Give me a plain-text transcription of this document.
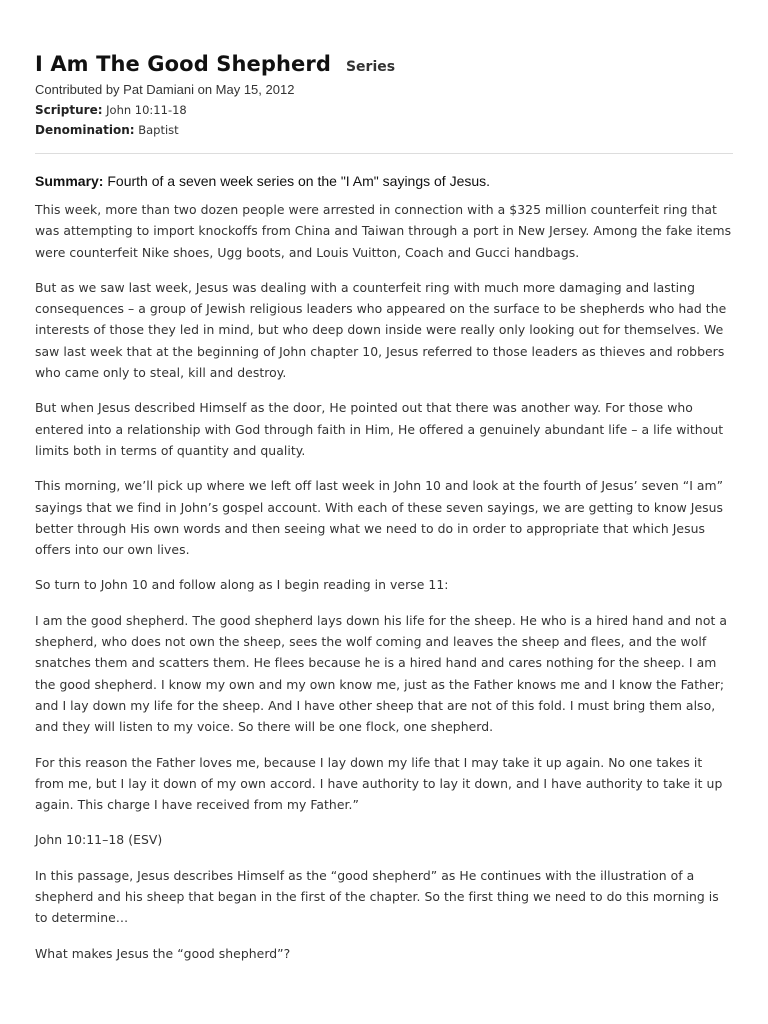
I Am The Good Shepherd Series
Contributed by Pat Damiani on May 15, 2012
Scripture: John 10:11-18
Denomination: Baptist
Summary: Fourth of a seven week series on the "I Am" sayings of Jesus.

This week, more than two dozen people were arrested in connection with a $325 million counterfeit ring that was attempting to import knockoffs from China and Taiwan through a port in New Jersey. Among the fake items were counterfeit Nike shoes, Ugg boots, and Louis Vuitton, Coach and Gucci handbags.

But as we saw last week, Jesus was dealing with a counterfeit ring with much more damaging and lasting consequences – a group of Jewish religious leaders who appeared on the surface to be shepherds who had the interests of those they led in mind, but who deep down inside were really only looking out for themselves. We saw last week that at the beginning of John chapter 10, Jesus referred to those leaders as thieves and robbers who came only to steal, kill and destroy.

But when Jesus described Himself as the door, He pointed out that there was another way. For those who entered into a relationship with God through faith in Him, He offered a genuinely abundant life – a life without limits both in terms of quantity and quality.

This morning, we’ll pick up where we left off last week in John 10 and look at the fourth of Jesus’ seven “I am” sayings that we find in John’s gospel account. With each of these seven sayings, we are getting to know Jesus better through His own words and then seeing what we need to do in order to appropriate that which Jesus offers into our own lives.

So turn to John 10 and follow along as I begin reading in verse 11:

I am the good shepherd. The good shepherd lays down his life for the sheep. He who is a hired hand and not a shepherd, who does not own the sheep, sees the wolf coming and leaves the sheep and flees, and the wolf snatches them and scatters them. He flees because he is a hired hand and cares nothing for the sheep. I am the good shepherd. I know my own and my own know me, just as the Father knows me and I know the Father; and I lay down my life for the sheep. And I have other sheep that are not of this fold. I must bring them also, and they will listen to my voice. So there will be one flock, one shepherd.

For this reason the Father loves me, because I lay down my life that I may take it up again. No one takes it from me, but I lay it down of my own accord. I have authority to lay it down, and I have authority to take it up again. This charge I have received from my Father.”

John 10:11–18 (ESV)

In this passage, Jesus describes Himself as the “good shepherd” as He continues with the illustration of a shepherd and his sheep that began in the first of the chapter. So the first thing we need to do this morning is to determine…

What makes Jesus the “good shepherd”?
